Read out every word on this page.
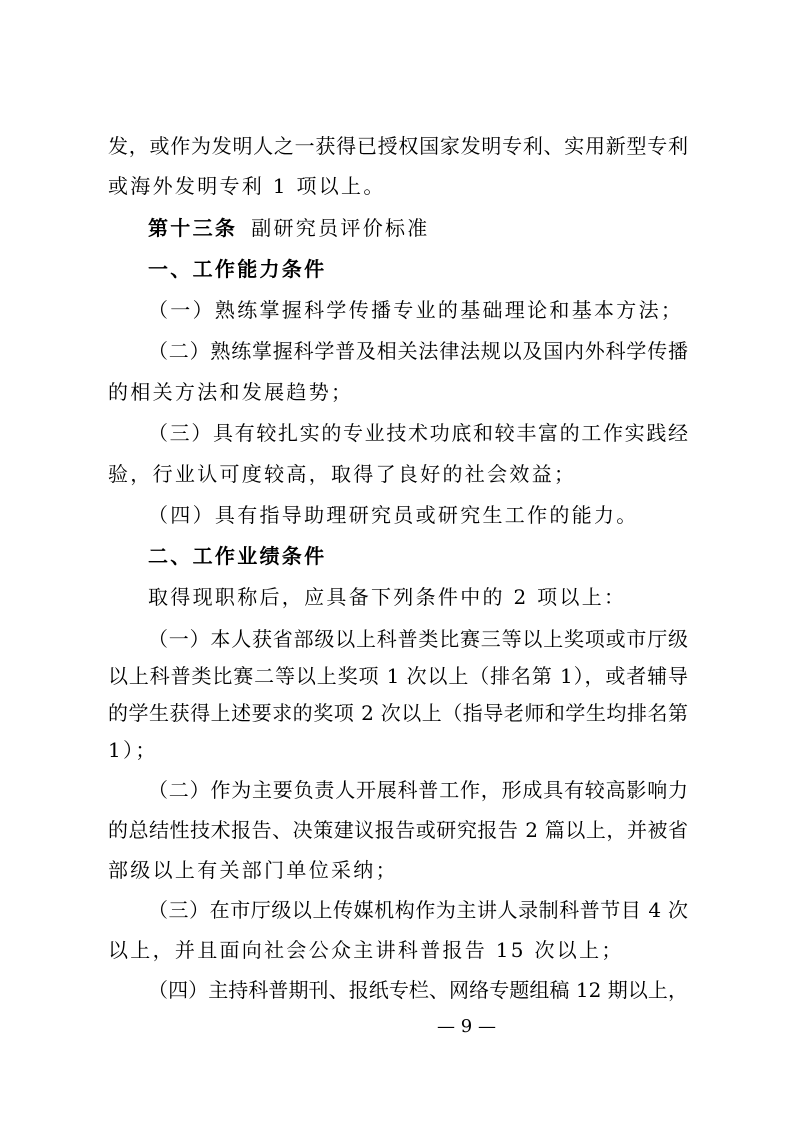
发，或作为发明人之一获得已授权国家发明专利、实用新型专利
或海外发明专利 1 项以上。
第十三条 副研究员评价标准
一、工作能力条件
（一）熟练掌握科学传播专业的基础理论和基本方法；
（二）熟练掌握科学普及相关法律法规以及国内外科学传播
的相关方法和发展趋势；
（三）具有较扎实的专业技术功底和较丰富的工作实践经
验，行业认可度较高，取得了良好的社会效益；
（四）具有指导助理研究员或研究生工作的能力。
二、工作业绩条件
取得现职称后，应具备下列条件中的 2 项以上：
（一）本人获省部级以上科普类比赛三等以上奖项或市厅级
以上科普类比赛二等以上奖项 1 次以上（排名第 1），或者辅导
的学生获得上述要求的奖项 2 次以上（指导老师和学生均排名第
1）；
（二）作为主要负责人开展科普工作，形成具有较高影响力
的总结性技术报告、决策建议报告或研究报告 2 篇以上，并被省
部级以上有关部门单位采纳；
— 9 —
（三）在市厅级以上传媒机构作为主讲人录制科普节目 4 次
以上，并且面向社会公众主讲科普报告 15 次以上；
（四）主持科普期刊、报纸专栏、网络专题组稿 12 期以上，
